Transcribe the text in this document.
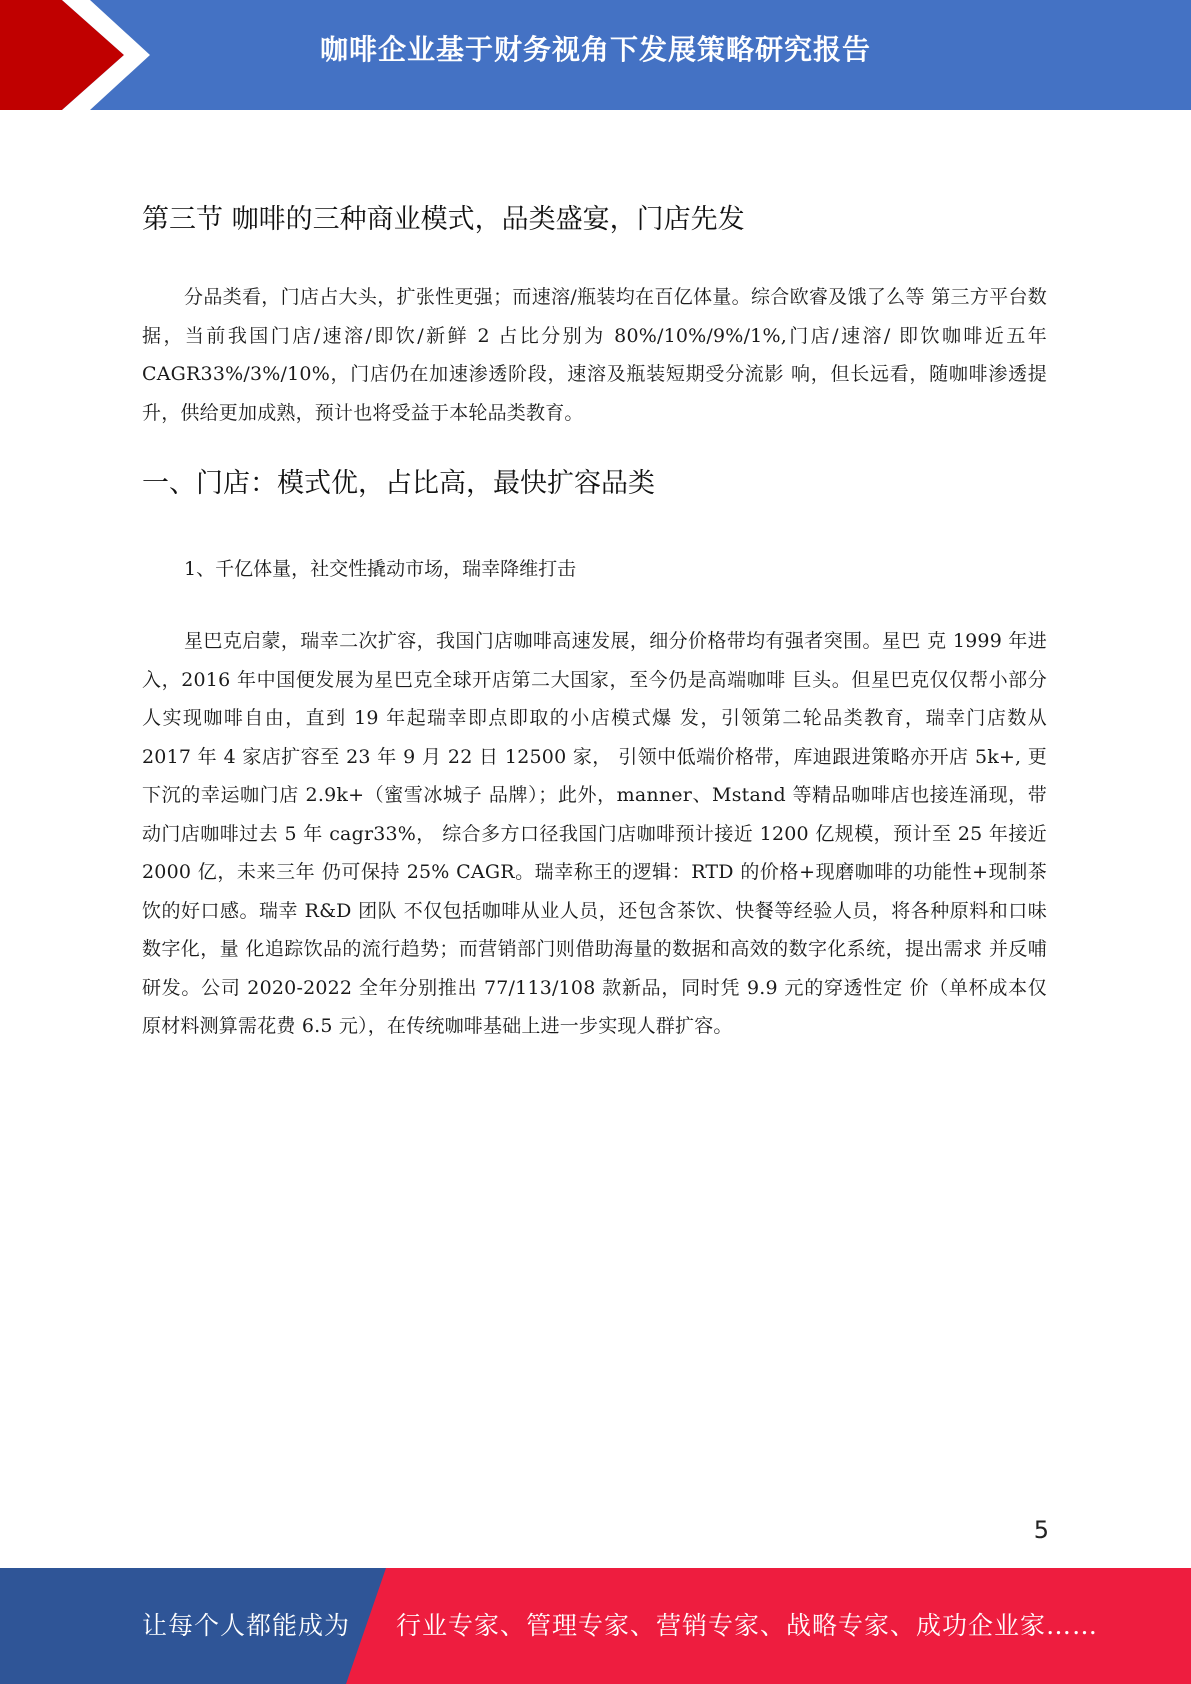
咖啡企业基于财务视角下发展策略研究报告
第三节 咖啡的三种商业模式，品类盛宴，门店先发

分品类看，门店占大头，扩张性更强；而速溶/瓶装均在百亿体量。综合欧睿及饿了么等 第三方平台数据，当前我国门店/速溶/即饮/新鲜 2 占比分别为 80%/10%/9%/1%,门店/速溶/ 即饮咖啡近五年 CAGR33%/3%/10%，门店仍在加速渗透阶段，速溶及瓶装短期受分流影 响，但长远看，随咖啡渗透提升，供给更加成熟，预计也将受益于本轮品类教育。

一、门店：模式优，占比高，最快扩容品类

1、千亿体量，社交性撬动市场，瑞幸降维打击

星巴克启蒙，瑞幸二次扩容，我国门店咖啡高速发展，细分价格带均有强者突围。星巴 克 1999 年进入，2016 年中国便发展为星巴克全球开店第二大国家，至今仍是高端咖啡 巨头。但星巴克仅仅帮小部分人实现咖啡自由，直到 19 年起瑞幸即点即取的小店模式爆 发，引领第二轮品类教育，瑞幸门店数从 2017 年 4 家店扩容至 23 年 9 月 22 日 12500 家， 引领中低端价格带，库迪跟进策略亦开店 5k+, 更下沉的幸运咖门店 2.9k+（蜜雪冰城子 品牌）；此外，manner、Mstand 等精品咖啡店也接连涌现，带动门店咖啡过去 5 年 cagr33%， 综合多方口径我国门店咖啡预计接近 1200 亿规模，预计至 25 年接近 2000 亿，未来三年 仍可保持 25% CAGR。瑞幸称王的逻辑：RTD 的价格+现磨咖啡的功能性+现制茶饮的好口感。瑞幸 R&D 团队 不仅包括咖啡从业人员，还包含茶饮、快餐等经验人员，将各种原料和口味数字化，量 化追踪饮品的流行趋势；而营销部门则借助海量的数据和高效的数字化系统，提出需求 并反哺研发。公司 2020-2022 全年分别推出 77/113/108 款新品，同时凭 9.9 元的穿透性定 价（单杯成本仅原材料测算需花费 6.5 元），在传统咖啡基础上进一步实现人群扩容。

5
让每个人都能成为 行业专家、管理专家、营销专家、战略专家、成功企业家……
